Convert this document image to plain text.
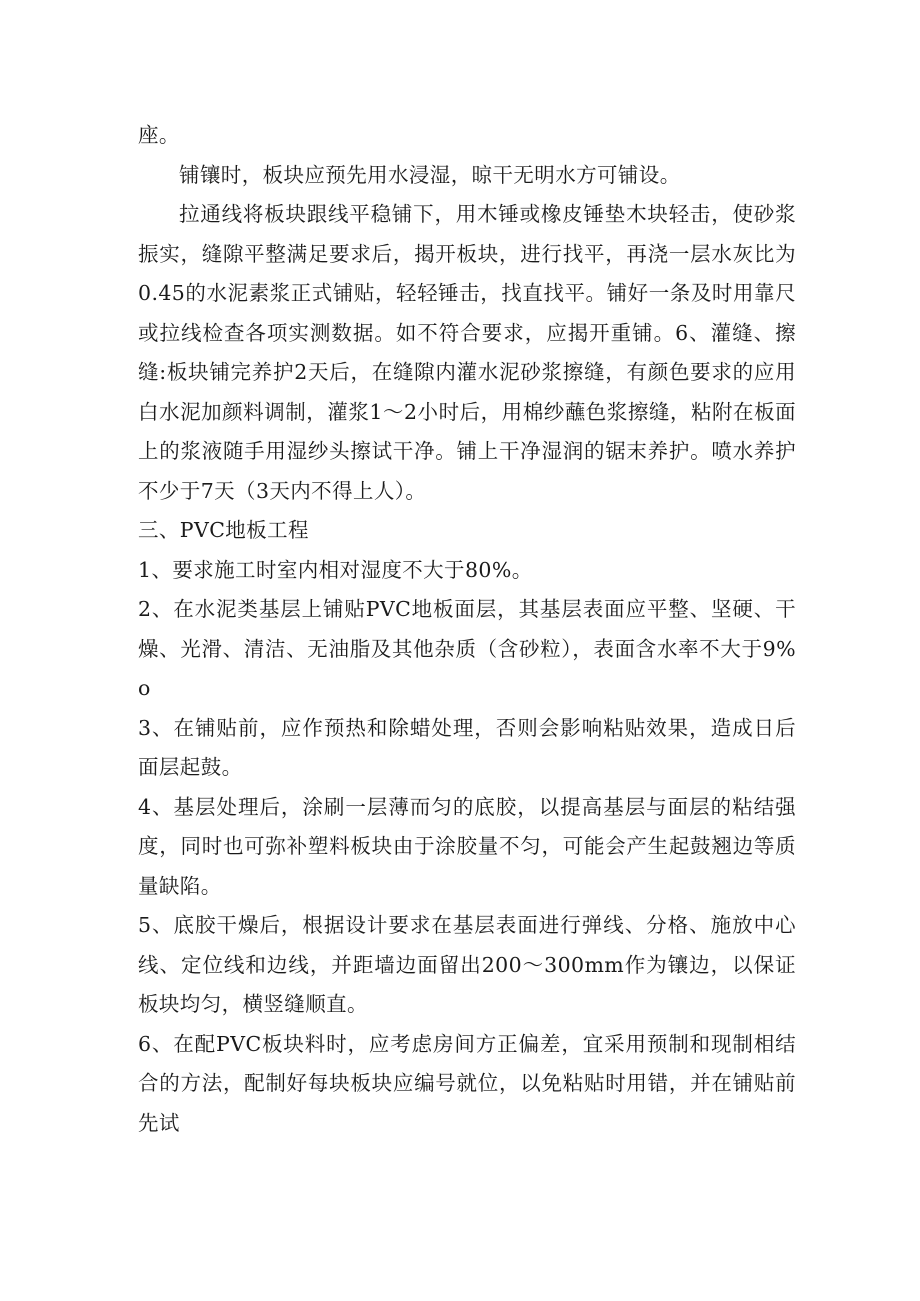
座。

铺镶时，板块应预先用水浸湿，晾干无明水方可铺设。

拉通线将板块跟线平稳铺下，用木锤或橡皮锤垫木块轻击，使砂浆振实，缝隙平整满足要求后，揭开板块，进行找平，再浇一层水灰比为0.45的水泥素浆正式铺贴，轻轻锤击，找直找平。铺好一条及时用靠尺或拉线检查各项实测数据。如不符合要求，应揭开重铺。6、灌缝、擦缝:板块铺完养护2天后，在缝隙内灌水泥砂浆擦缝，有颜色要求的应用白水泥加颜料调制，灌浆1～2小时后，用棉纱蘸色浆擦缝，粘附在板面上的浆液随手用湿纱头擦试干净。铺上干净湿润的锯末养护。喷水养护不少于7天（3天内不得上人）。

三、PVC地板工程

1、要求施工时室内相对湿度不大于80%。

2、在水泥类基层上铺贴PVC地板面层，其基层表面应平整、坚硬、干燥、光滑、清洁、无油脂及其他杂质（含砂粒），表面含水率不大于9%o

3、在铺贴前，应作预热和除蜡处理，否则会影响粘贴效果，造成日后面层起鼓。

4、基层处理后，涂刷一层薄而匀的底胶，以提高基层与面层的粘结强度，同时也可弥补塑料板块由于涂胶量不匀，可能会产生起鼓翘边等质量缺陷。

5、底胶干燥后，根据设计要求在基层表面进行弹线、分格、施放中心线、定位线和边线，并距墙边面留出200～300mm作为镶边，以保证板块均匀，横竖缝顺直。

6、在配PVC板块料时，应考虑房间方正偏差，宜采用预制和现制相结合的方法，配制好每块板块应编号就位，以免粘贴时用错，并在铺贴前先试
